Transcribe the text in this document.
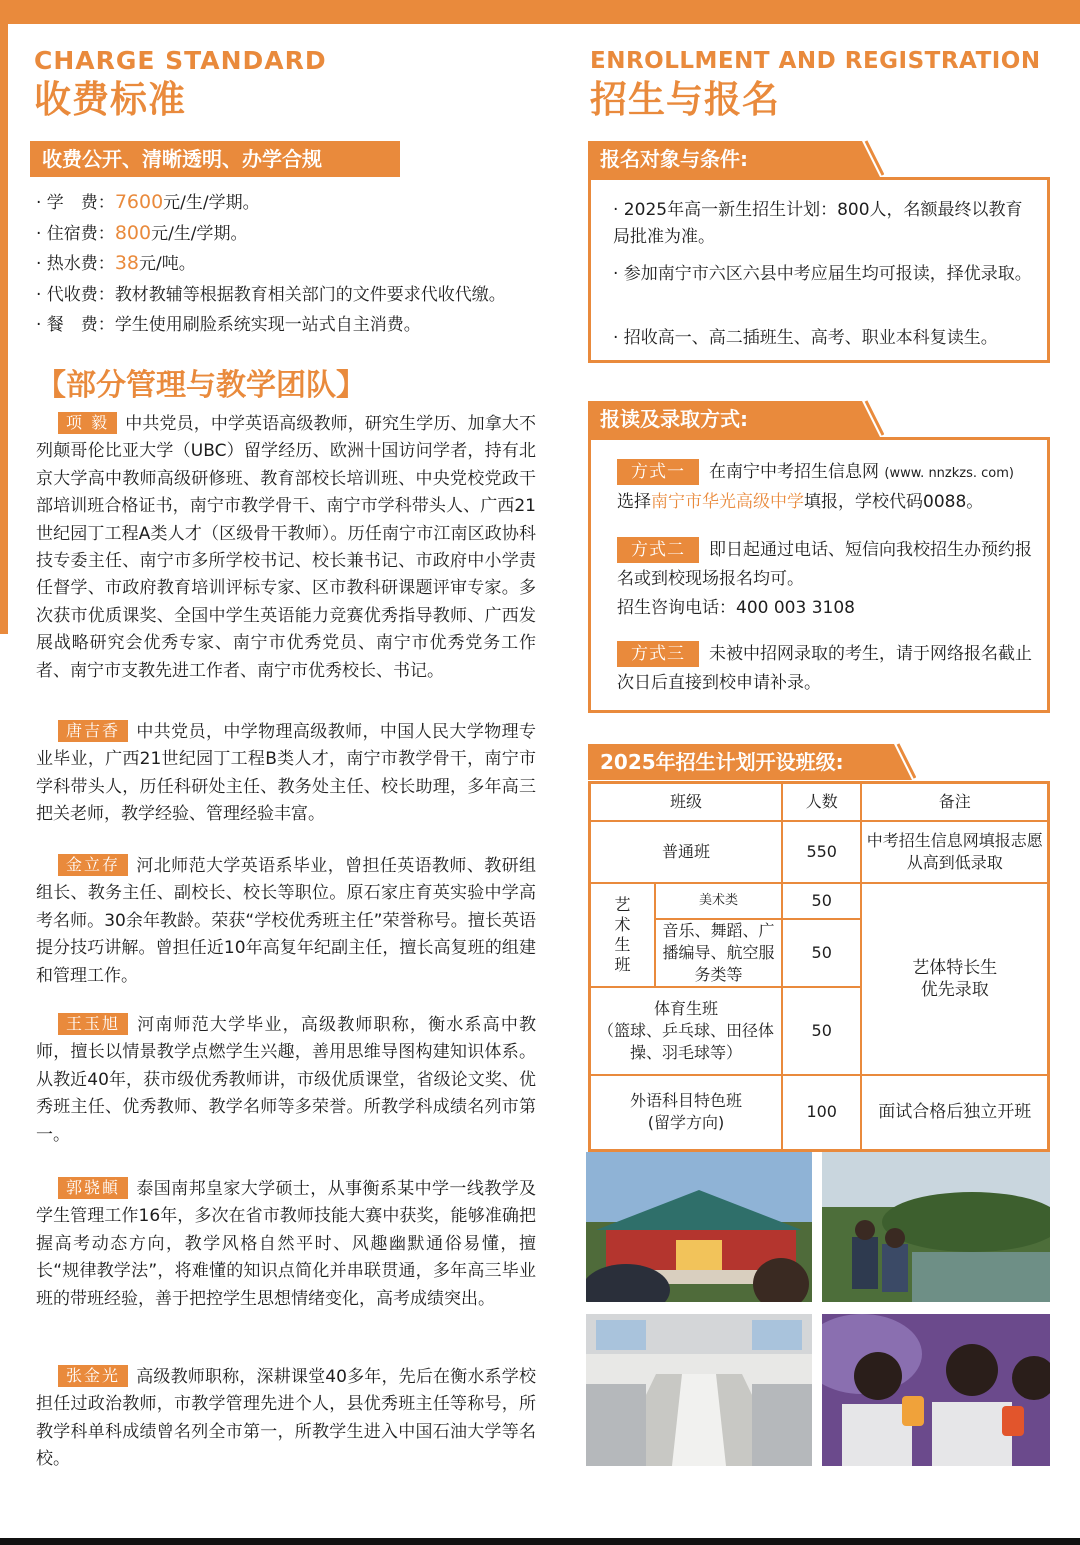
CHARGE STANDARD
收费标准
收费公开、清晰透明、办学合规
· 学　费：7600元/生/学期。
· 住宿费：800元/生/学期。
· 热水费：38元/吨。
· 代收费：教材教辅等根据教育相关部门的文件要求代收代缴。
· 餐　费：学生使用刷脸系统实现一站式自主消费。
【部分管理与教学团队】

项 毅 中共党员，中学英语高级教师，研究生学历、加拿大不列颠哥伦比亚大学（UBC）留学经历、欧洲十国访问学者，持有北京大学高中教师高级研修班、教育部校长培训班、中央党校党政干部培训班合格证书，南宁市教学骨干、南宁市学科带头人、广西21世纪园丁工程A类人才（区级骨干教师）。历任南宁市江南区政协科技专委主任、南宁市多所学校书记、校长兼书记、市政府中小学责任督学、市政府教育培训评标专家、区市教科研课题评审专家。多次获市优质课奖、全国中学生英语能力竞赛优秀指导教师、广西发展战略研究会优秀专家、南宁市优秀党员、南宁市优秀党务工作者、南宁市支教先进工作者、南宁市优秀校长、书记。

唐吉香 中共党员，中学物理高级教师，中国人民大学物理专业毕业，广西21世纪园丁工程B类人才，南宁市教学骨干，南宁市学科带头人，历任科研处主任、教务处主任、校长助理，多年高三把关老师，教学经验、管理经验丰富。

金立存 河北师范大学英语系毕业，曾担任英语教师、教研组组长、教务主任、副校长、校长等职位。原石家庄育英实验中学高考名师。30余年教龄。荣获“学校优秀班主任”荣誉称号。擅长英语提分技巧讲解。曾担任近10年高复年纪副主任，擅长高复班的组建和管理工作。

王玉旭 河南师范大学毕业，高级教师职称，衡水系高中教师，擅长以情景教学点燃学生兴趣，善用思维导图构建知识体系。从教近40年，获市级优秀教师讲，市级优质课堂，省级论文奖、优秀班主任、优秀教师、教学名师等多荣誉。所教学科成绩名列市第一。

郭骁頔 泰国南邦皇家大学硕士，从事衡系某中学一线教学及学生管理工作16年，多次在省市教师技能大赛中获奖，能够准确把握高考动态方向，教学风格自然平时、风趣幽默通俗易懂，擅长“规律教学法”，将难懂的知识点简化并串联贯通，多年高三毕业班的带班经验，善于把控学生思想情绪变化，高考成绩突出。

张金光 高级教师职称，深耕课堂40多年，先后在衡水系学校担任过政治教师，市教学管理先进个人，县优秀班主任等称号，所教学科单科成绩曾名列全市第一，所教学生进入中国石油大学等名校。

ENROLLMENT AND REGISTRATION
招生与报名
报名对象与条件:
· 2025年高一新生招生计划：800人，名额最终以教育局批准为准。
· 参加南宁市六区六县中考应届生均可报读，择优录取。
· 招收高一、高二插班生、高考、职业本科复读生。
报读及录取方式:
方式一 在南宁中考招生信息网 (www. nnzkzs. com)
选择南宁市华光高级中学填报，学校代码0088。
方式二 即日起通过电话、短信向我校招生办预约报名或到校现场报名均可。
招生咨询电话：400 003 3108
方式三 未被中招网录取的考生，请于网络报名截止次日后直接到校申请补录。
2025年招生计划开设班级:
班级		人数	备注
普通班		550	中考招生信息网填报志愿从高到低录取

艺术生班	美术类	50	艺体特长生优先录取
	音乐、舞蹈、广播编导、航空服务类等	50	
体育生班
（篮球、乒乓球、田径体操、羽毛球等）		50	
外语科目特色班
(留学方向)		100	面试合格后独立开班
